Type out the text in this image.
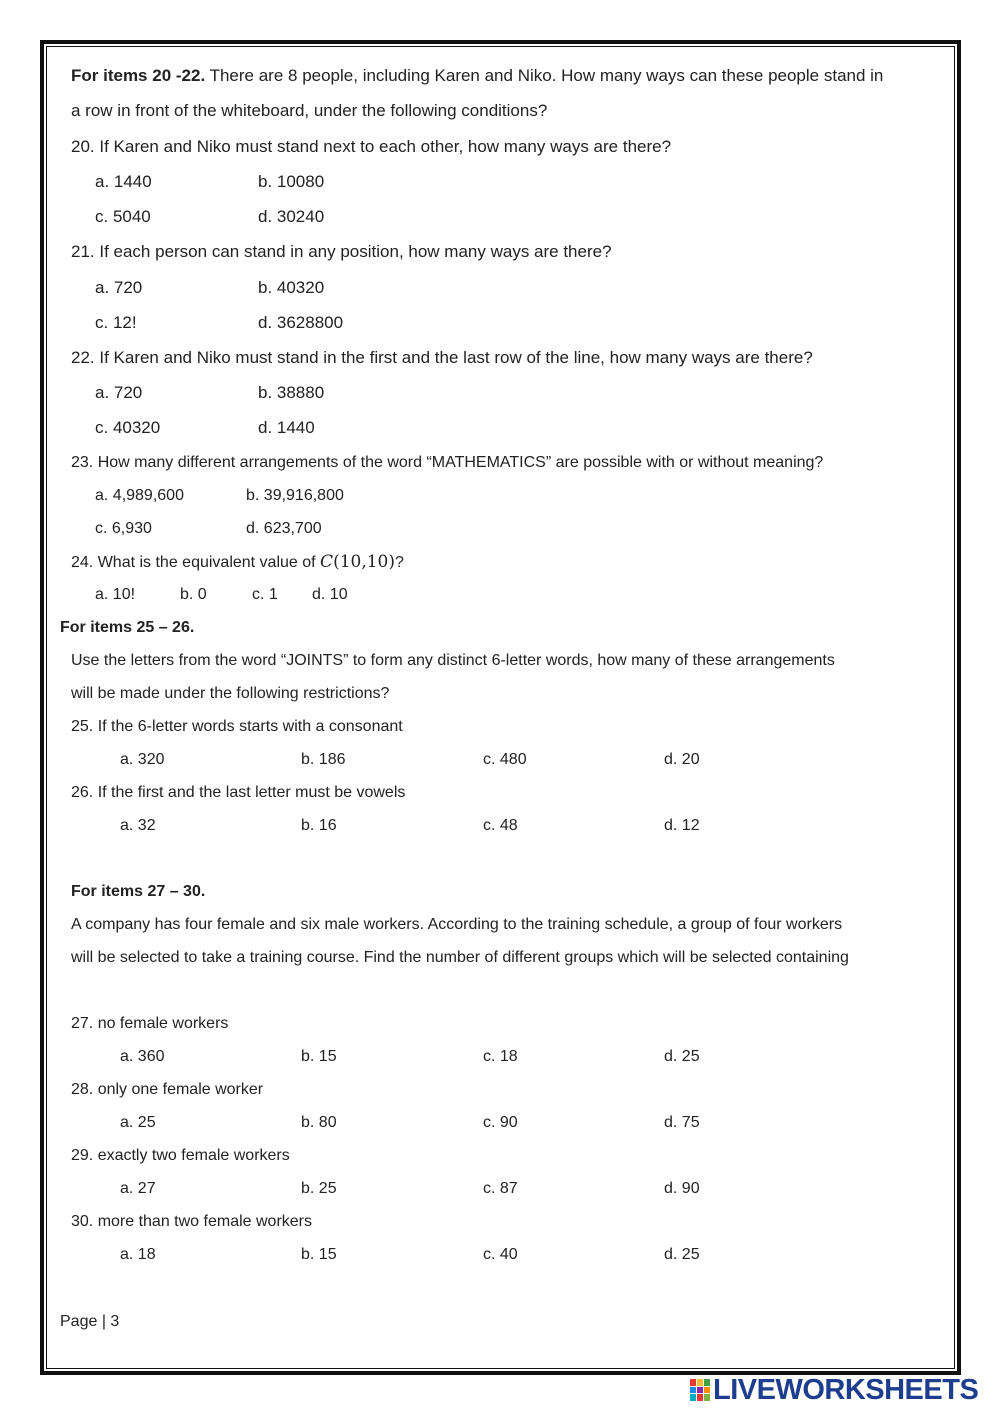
For items 20 -22. There are 8 people, including Karen and Niko. How many ways can these people stand in
a row in front of the whiteboard, under the following conditions?
20. If Karen and Niko must stand next to each other, how many ways are there?
a. 1440	b. 10080
c. 5040	d. 30240
21. If each person can stand in any position, how many ways are there?
a. 720	b. 40320
c. 12!	d. 3628800
22. If Karen and Niko must stand in the first and the last row of the line, how many ways are there?
a. 720	b. 38880
c. 40320	d. 1440
23. How many different arrangements of the word “MATHEMATICS” are possible with or without meaning?
a. 4,989,600	b. 39,916,800
c. 6,930	d. 623,700
24. What is the equivalent value of C(10,10)?
a. 10!	b. 0	c. 1 d. 10
For items 25 – 26.
Use the letters from the word “JOINTS” to form any distinct 6-letter words, how many of these arrangements
will be made under the following restrictions?
25. If the 6-letter words starts with a consonant
a. 320	b. 186	c. 480	d. 20
26. If the first and the last letter must be vowels
a. 32	b. 16	c. 48	d. 12
For items 27 – 30.
A company has four female and six male workers. According to the training schedule, a group of four workers
will be selected to take a training course. Find the number of different groups which will be selected containing
27. no female workers
a. 360	b. 15	c. 18	d. 25
28. only one female worker
a. 25	b. 80	c. 90	d. 75
29. exactly two female workers
a. 27	b. 25	c. 87	d. 90
30. more than two female workers
a. 18	b. 15	c. 40	d. 25
Page | 3
LIVEWORKSHEETS
